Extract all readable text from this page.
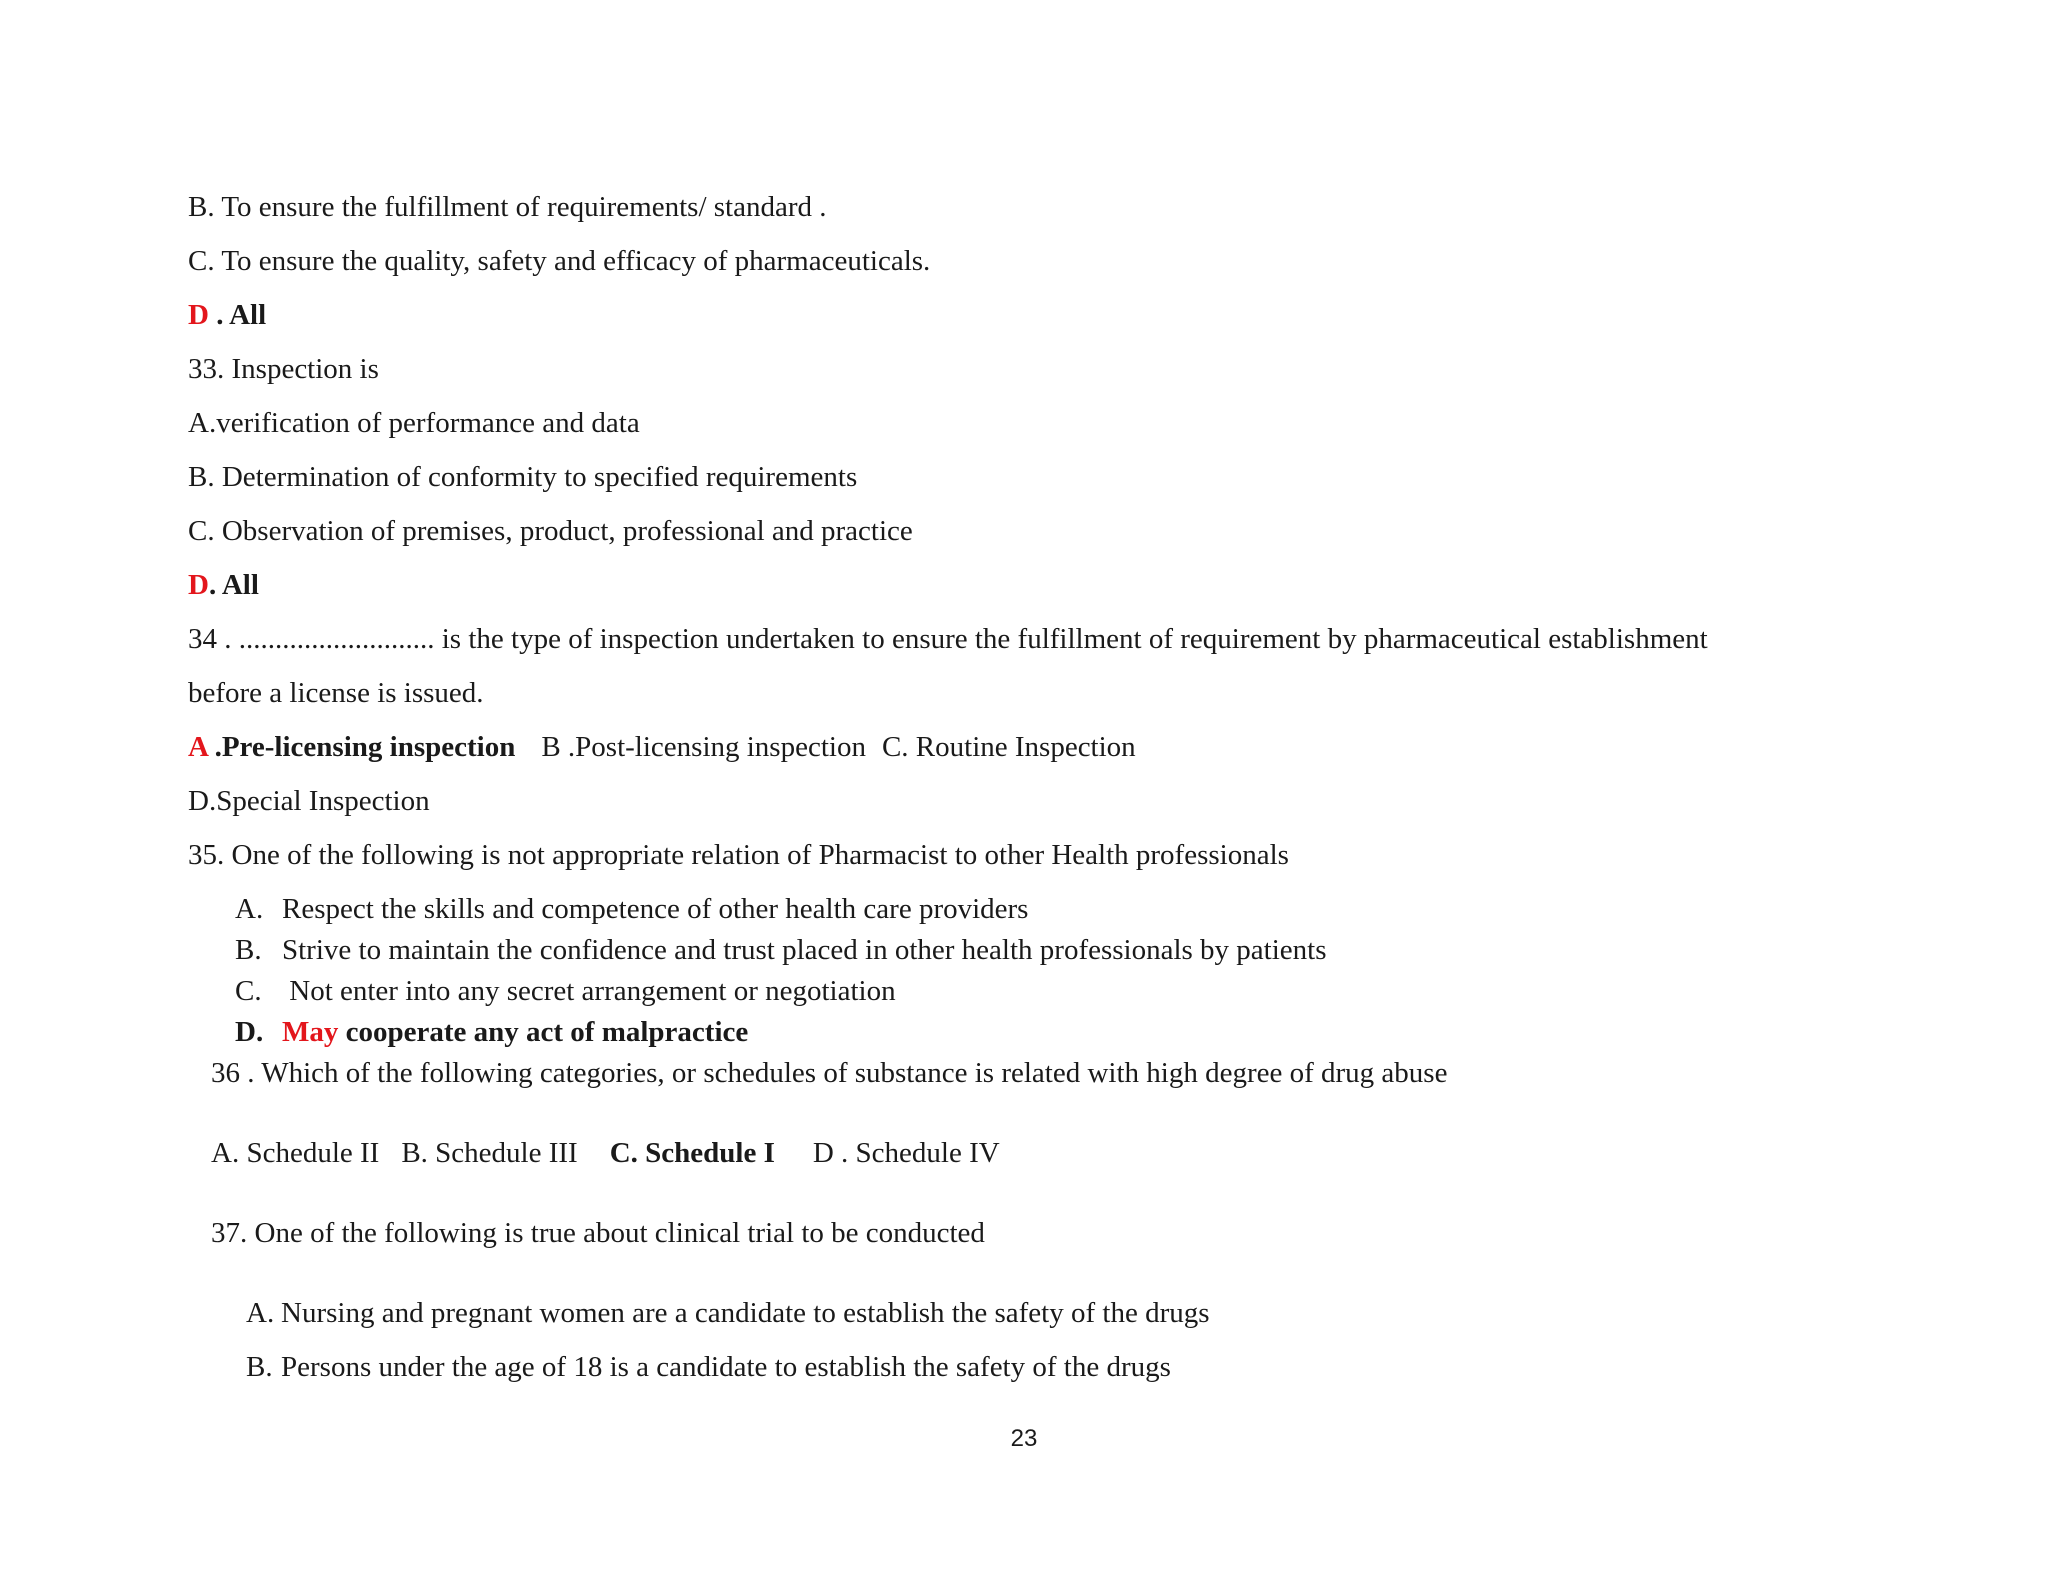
B. To ensure the fulfillment of requirements/ standard .
C. To ensure the quality, safety and efficacy of pharmaceuticals.
D . All
33. Inspection is
A.verification of performance and data
B. Determination of conformity to specified requirements
C. Observation of premises, product, professional and practice
D. All
34 . ........................... is the type of inspection undertaken to ensure the fulfillment of requirement by pharmaceutical establishment
before a license is issued.
A .Pre-licensing inspection B .Post-licensing inspection C. Routine Inspection
D.Special Inspection
35. One of the following is not appropriate relation of Pharmacist to other Health professionals
A. Respect the skills and competence of other health care providers
B. Strive to maintain the confidence and trust placed in other health professionals by patients
C. Not enter into any secret arrangement or negotiation
D. May cooperate any act of malpractice
36 . Which of the following categories, or schedules of substance is related with high degree of drug abuse
A. Schedule II B. Schedule III C. Schedule I D . Schedule IV
37. One of the following is true about clinical trial to be conducted
A. Nursing and pregnant women are a candidate to establish the safety of the drugs
B. Persons under the age of 18 is a candidate to establish the safety of the drugs
23
